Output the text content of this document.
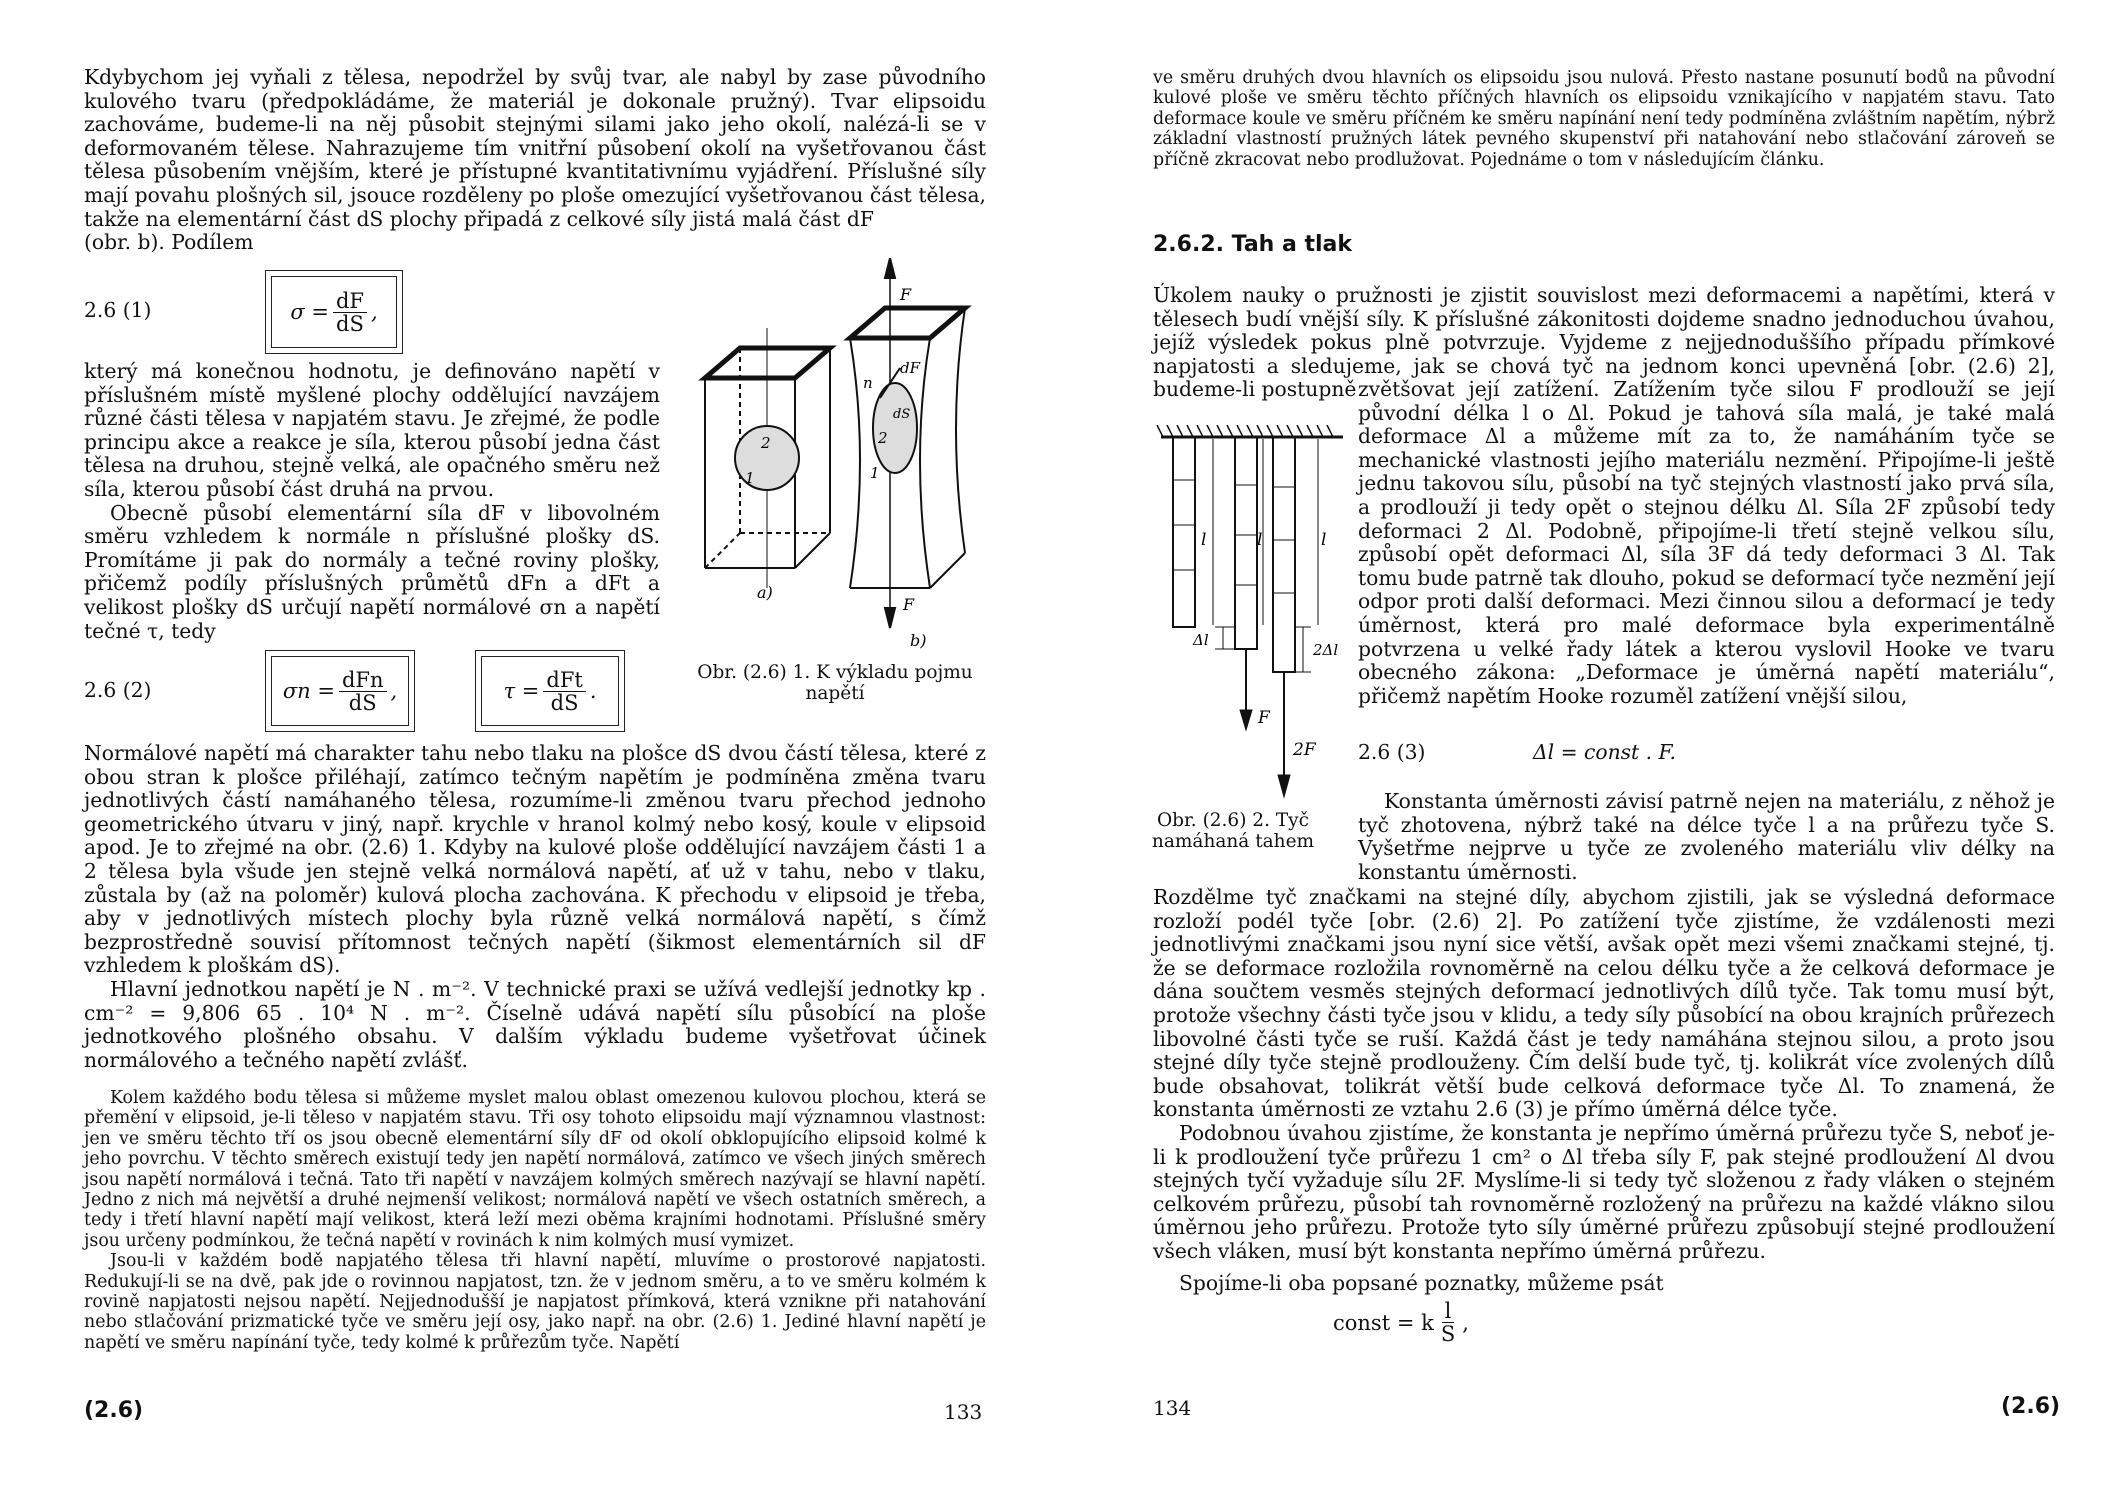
Kdybychom jej vyňali z tělesa, nepodržel by svůj tvar, ale nabyl by zase původního kulového tvaru (předpokládáme, že materiál je dokonale pružný). Tvar elipsoidu zachováme, budeme-li na něj působit stejnými silami jako jeho okolí, nalézá-li se v deformovaném tělese. Nahrazujeme tím vnitřní působení okolí na vyšetřovanou část tělesa působením vnějším, které je přístupné kvantitativnímu vyjádření. Příslušné síly mají povahu plošných sil, jsouce rozděleny po ploše omezující vyšetřovanou část tělesa, takže na elementární část dS plochy připadá z celkové síly jistá malá část dF

(obr. b). Podílem

2.6 (1)	$\sigma = \frac{dF}{dS}$ ,

který má konečnou hodnotu, je definováno napětí v příslušném místě myšlené plochy oddělující navzájem různé části tělesa v napjatém stavu. Je zřejmé, že podle principu akce a reakce je síla, kterou působí jedna část tělesa na druhou, stejně velká, ale opačného směru než síla, kterou působí část druhá na prvou.

Obecně působí elementární síla dF v libovolném směru vzhledem k normále n příslušné plošky dS. Promítáme ji pak do normály a tečné roviny plošky, přičemž podíly příslušných průmětů dFn a dFt a velikost plošky dS určují napětí normálové σn a napětí tečné τ, tedy

F
F
dF
n
1
2	2
1
dS
a)
b)
2.6 (2)	$\sigma n = \frac{\text{dFn}}{dS}$ ,	$\tau = \frac{\text{dFt}}{dS}$ .
Obr. (2.6) 1. K výkladu pojmu napětí

Normálové napětí má charakter tahu nebo tlaku na plošce dS dvou částí tělesa, které z obou stran k plošce přiléhají, zatímco tečným napětím je podmíněna změna tvaru jednotlivých částí namáhaného tělesa, rozumíme-li změnou tvaru přechod jednoho geometrického útvaru v jiný, např. krychle v hranol kolmý nebo kosý, koule v elipsoid apod. Je to zřejmé na obr. (2.6) 1. Kdyby na kulové ploše oddělující navzájem části 1 a 2 tělesa byla všude jen stejně velká normálová napětí, ať už v tahu, nebo v tlaku, zůstala by (až na poloměr) kulová plocha zachována. K přechodu v elipsoid je třeba, aby v jednotlivých místech plochy byla různě velká normálová napětí, s čímž bezprostředně souvisí přítomnost tečných napětí (šikmost elementárních sil dF vzhledem k ploškám dS).

Hlavní jednotkou napětí je N . m⁻². V technické praxi se užívá vedlejší jednotky kp . cm⁻² = 9,806 65 . 10⁴ N . m⁻². Číselně udává napětí sílu působící na ploše jednotkového plošného obsahu. V dalším výkladu budeme vyšetřovat účinek normálového a tečného napětí zvlášť.

Kolem každého bodu tělesa si můžeme myslet malou oblast omezenou kulovou plochou, která se přemění v elipsoid, je-li těleso v napjatém stavu. Tři osy tohoto elipsoidu mají významnou vlastnost: jen ve směru těchto tří os jsou obecně elementární síly dF od okolí obklopujícího elipsoid kolmé k jeho povrchu. V těchto směrech existují tedy jen napětí normálová, zatímco ve všech jiných směrech jsou napětí normálová i tečná. Tato tři napětí v navzájem kolmých směrech nazývají se hlavní napětí. Jedno z nich má největší a druhé nejmenší velikost; normálová napětí ve všech ostatních směrech, a tedy i třetí hlavní napětí mají velikost, která leží mezi oběma krajními hodnotami. Příslušné směry jsou určeny podmínkou, že tečná napětí v rovinách k nim kolmých musí vymizet.

Jsou-li v každém bodě napjatého tělesa tři hlavní napětí, mluvíme o prostorové napjatosti. Redukují-li se na dvě, pak jde o rovinnou napjatost, tzn. že v jednom směru, a to ve směru kolmém k rovině napjatosti nejsou napětí. Nejjednodušší je napjatost přímková, která vznikne při natahování nebo stlačování prizmatické tyče ve směru její osy, jako např. na obr. (2.6) 1. Jediné hlavní napětí je napětí ve směru napínání tyče, tedy kolmé k průřezům tyče. Napětí

(2.6)	133

ve směru druhých dvou hlavních os elipsoidu jsou nulová. Přesto nastane posunutí bodů na původní kulové ploše ve směru těchto příčných hlavních os elipsoidu vznikajícího v napjatém stavu. Tato deformace koule ve směru příčném ke směru napínání není tedy podmíněna zvláštním napětím, nýbrž základní vlastností pružných látek pevného skupenství při natahování nebo stlačování zároveň se příčně zkracovat nebo prodlužovat. Pojednáme o tom v následujícím článku.

2.6.2. Tah a tlak

Úkolem nauky o pružnosti je zjistit souvislost mezi deformacemi a napětími, která v tělesech budí vnější síly. K příslušné zákonitosti dojdeme snadno jednoduchou úvahou, jejíž výsledek pokus plně potvrzuje. Vyjdeme z nejjednoduššího případu přímkové napjatosti a sledujeme, jak se chová tyč na jednom konci upevněná [obr. (2.6) 2], budeme-li postupně zvětšovat její zatížení. Zatížením tyče silou F prodlouží se její původní délka l o Δl. Pokud je tahová síla malá, je také malá deformace Δl a můžeme mít za to, že namáháním tyče se mechanické vlastnosti jejího materiálu nezmění. Připojíme-li ještě jednu takovou sílu, působí na tyč stejných vlastností jako prvá síla, a prodlouží ji tedy opět o stejnou délku Δl. Síla 2F způsobí tedy deformaci 2 Δl. Podobně, připojíme-li třetí stejně velkou sílu, způsobí opět deformaci Δl, síla 3F dá tedy deformaci 3 Δl. Tak tomu bude patrně tak dlouho, pokud se deformací tyče nezmění její odpor proti další deformaci. Mezi činnou silou a deformací je tedy úměrnost, která pro malé deformace byla experimentálně potvrzena u velké řady látek a kterou vyslovil Hooke ve tvaru obecného zákona: „Deformace je úměrná napětí materiálu“, přičemž napětím Hooke rozuměl zatížení vnější silou,

l	l	l
Δl
2Δl
F
2F
Obr. (2.6) 2. Tyč namáhaná tahem
2.6 (3)	Δl = const . F.

Konstanta úměrnosti závisí patrně nejen na materiálu, z něhož je tyč zhotovena, nýbrž také na délce tyče l a na průřezu tyče S. Vyšetřme nejprve u tyče ze zvoleného materiálu vliv délky na konstantu úměrnosti.

Rozdělme tyč značkami na stejné díly, abychom zjistili, jak se výsledná deformace rozloží podél tyče [obr. (2.6) 2]. Po zatížení tyče zjistíme, že vzdálenosti mezi jednotlivými značkami jsou nyní sice větší, avšak opět mezi všemi značkami stejné, tj. že se deformace rozložila rovnoměrně na celou délku tyče a že celková deformace je dána součtem vesměs stejných deformací jednotlivých dílů tyče. Tak tomu musí být, protože všechny části tyče jsou v klidu, a tedy síly působící na obou krajních průřezech libovolné části tyče se ruší. Každá část je tedy namáhána stejnou silou, a proto jsou stejné díly tyče stejně prodlouženy. Čím delší bude tyč, tj. kolikrát více zvolených dílů bude obsahovat, tolikrát větší bude celková deformace tyče Δl. To znamená, že konstanta úměrnosti ze vztahu 2.6 (3) je přímo úměrná délce tyče.

Podobnou úvahou zjistíme, že konstanta je nepřímo úměrná průřezu tyče S, neboť je-li k prodloužení tyče průřezu 1 cm² o Δl třeba síly F, pak stejné prodloužení Δl dvou stejných tyčí vyžaduje sílu 2F. Myslíme-li si tedy tyč složenou z řady vláken o stejném celkovém průřezu, působí tah rovnoměrně rozložený na průřezu na každé vlákno silou úměrnou jeho průřezu. Protože tyto síly úměrné průřezu způsobují stejné prodloužení všech vláken, musí být konstanta nepřímo úměrná průřezu.

Spojíme-li oba popsané poznatky, můžeme psát

const = k $\frac{l}{S}$ ,
134	(2.6)
